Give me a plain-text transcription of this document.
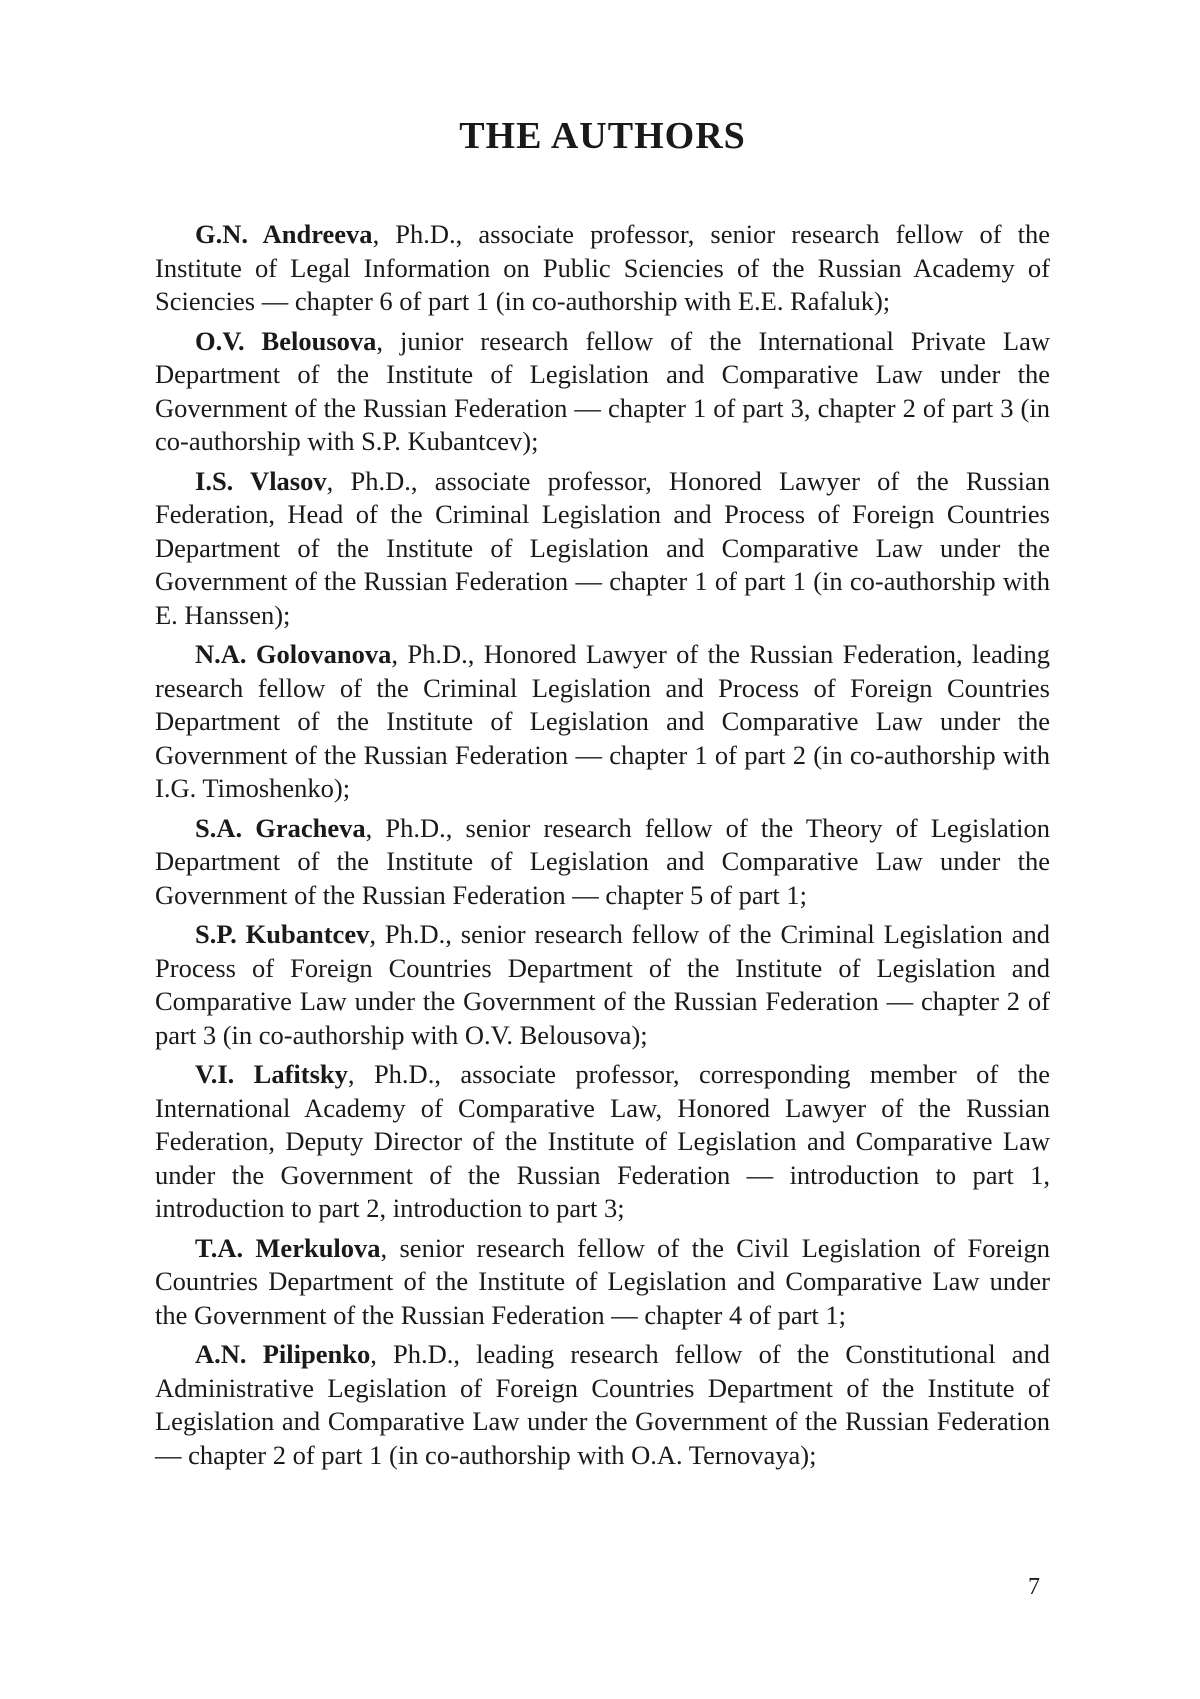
THE AUTHORS
G.N. Andreeva, Ph.D., associate professor, senior research fellow of the Institute of Legal Information on Public Sciencies of the Russian Academy of Sciencies — chapter 6 of part 1 (in co-authorship with E.E. Rafaluk);
O.V. Belousova, junior research fellow of the International Private Law Department of the Institute of Legislation and Comparative Law under the Government of the Russian Federation — chapter 1 of part 3, chapter 2 of part 3 (in co-authorship with S.P. Kubantcev);
I.S. Vlasov, Ph.D., associate professor, Honored Lawyer of the Russian Federation, Head of the Criminal Legislation and Process of Foreign Countries Department of the Institute of Legislation and Comparative Law under the Government of the Russian Federation — chapter 1 of part 1 (in co-authorship with E. Hanssen);
N.A. Golovanova, Ph.D., Honored Lawyer of the Russian Federation, leading research fellow of the Criminal Legislation and Process of Foreign Countries Department of the Institute of Legislation and Comparative Law under the Government of the Russian Federation — chapter 1 of part 2 (in co-authorship with I.G. Timoshenko);
S.A. Gracheva, Ph.D., senior research fellow of the Theory of Legislation Department of the Institute of Legislation and Comparative Law under the Government of the Russian Federation — chapter 5 of part 1;
S.P. Kubantcev, Ph.D., senior research fellow of the Criminal Legislation and Process of Foreign Countries Department of the Institute of Legislation and Comparative Law under the Government of the Russian Federation — chapter 2 of part 3 (in co-authorship with O.V. Belousova);
V.I. Lafitsky, Ph.D., associate professor, corresponding member of the International Academy of Comparative Law, Honored Lawyer of the Russian Federation, Deputy Director of the Institute of Legislation and Comparative Law under the Government of the Russian Federation — introduction to part 1, introduction to part 2, introduction to part 3;
T.A. Merkulova, senior research fellow of the Civil Legislation of Foreign Countries Department of the Institute of Legislation and Comparative Law under the Government of the Russian Federation — chapter 4 of part 1;
A.N. Pilipenko, Ph.D., leading research fellow of the Constitutional and Administrative Legislation of Foreign Countries Department of the Institute of Legislation and Comparative Law under the Government of the Russian Federation — chapter 2 of part 1 (in co-authorship with O.A. Ternovaya);
7
